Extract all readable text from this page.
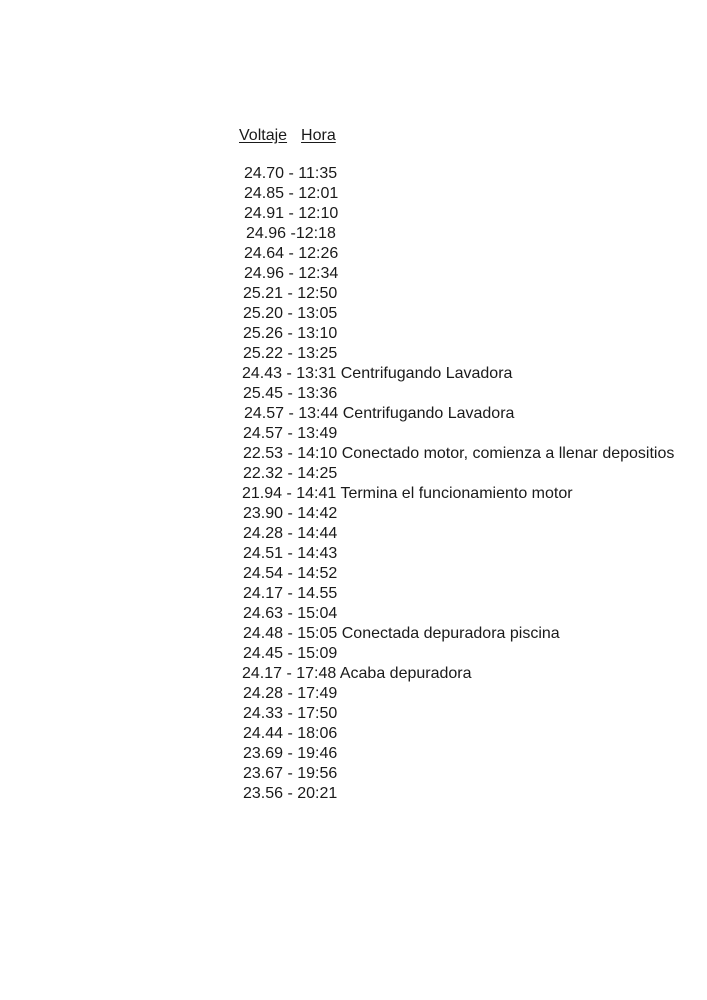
Voltaje Hora
24.70 - 11:35
24.85 - 12:01
24.91 - 12:10
24.96 -12:18
24.64 - 12:26
24.96 - 12:34
25.21 - 12:50
25.20 - 13:05
25.26 - 13:10
25.22 - 13:25
24.43 - 13:31 Centrifugando Lavadora
25.45 - 13:36
24.57 - 13:44 Centrifugando Lavadora
24.57 - 13:49
22.53 - 14:10 Conectado motor, comienza a llenar depositios
22.32 - 14:25
21.94 - 14:41 Termina el funcionamiento motor
23.90 - 14:42
24.28 - 14:44
24.51 - 14:43
24.54 - 14:52
24.17 - 14.55
24.63 - 15:04
24.48 - 15:05 Conectada depuradora piscina
24.45 - 15:09
24.17 - 17:48 Acaba depuradora
24.28 - 17:49
24.33 - 17:50
24.44 - 18:06
23.69 - 19:46
23.67 - 19:56
23.56 - 20:21
